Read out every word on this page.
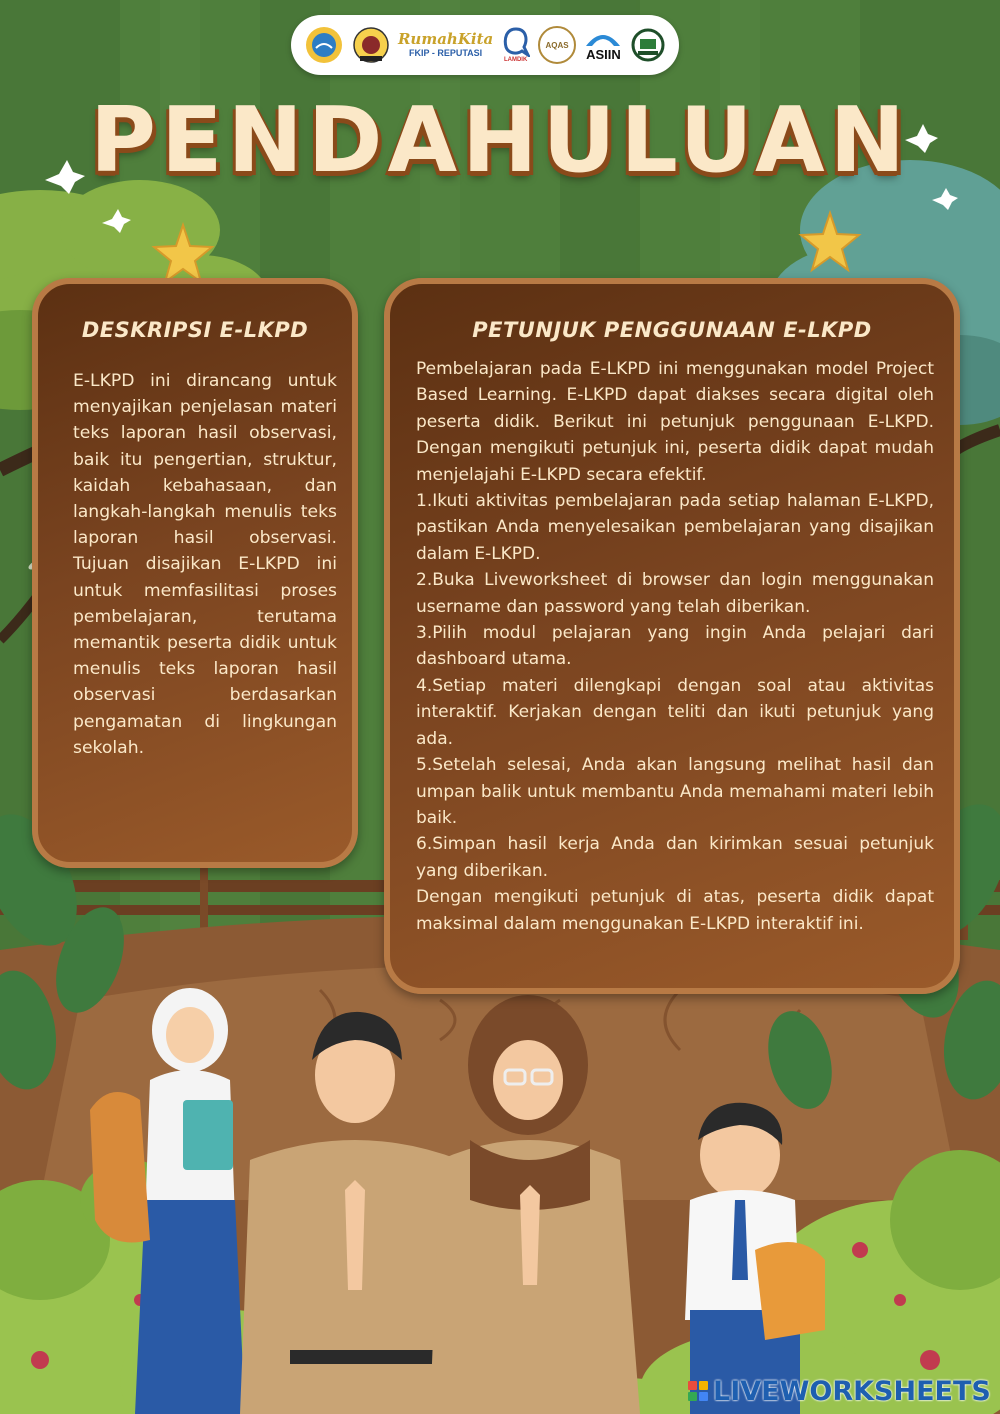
RumahKita
FKIP - REPUTASI
LAMDIK
AQAS
ASIIN
PENDAHULUAN
DESKRIPSI E-LKPD

E-LKPD ini dirancang untuk menyajikan penjelasan materi teks laporan hasil observasi, baik itu pengertian, struktur, kaidah kebahasaan, dan langkah-langkah menulis teks laporan hasil observasi. Tujuan disajikan E-LKPD ini untuk memfasilitasi proses pembelajaran, terutama memantik peserta didik untuk menulis teks laporan hasil observasi berdasarkan pengamatan di lingkungan sekolah.

PETUNJUK PENGGUNAAN E-LKPD

Pembelajaran pada E-LKPD ini menggunakan model Project Based Learning. E-LKPD dapat diakses secara digital oleh peserta didik. Berikut ini petunjuk penggunaan E-LKPD. Dengan mengikuti petunjuk ini, peserta didik dapat mudah menjelajahi E-LKPD secara efektif.

1.Ikuti aktivitas pembelajaran pada setiap halaman E-LKPD, pastikan Anda menyelesaikan pembelajaran yang disajikan dalam E-LKPD.

2.Buka Liveworksheet di browser dan login menggunakan username dan password yang telah diberikan.

3.Pilih modul pelajaran yang ingin Anda pelajari dari dashboard utama.

4.Setiap materi dilengkapi dengan soal atau aktivitas interaktif. Kerjakan dengan teliti dan ikuti petunjuk yang ada.

5.Setelah selesai, Anda akan langsung melihat hasil dan umpan balik untuk membantu Anda memahami materi lebih baik.

6.Simpan hasil kerja Anda dan kirimkan sesuai petunjuk yang diberikan.

Dengan mengikuti petunjuk di atas, peserta didik dapat maksimal dalam menggunakan E-LKPD interaktif ini.

LIVEWORKSHEETS
